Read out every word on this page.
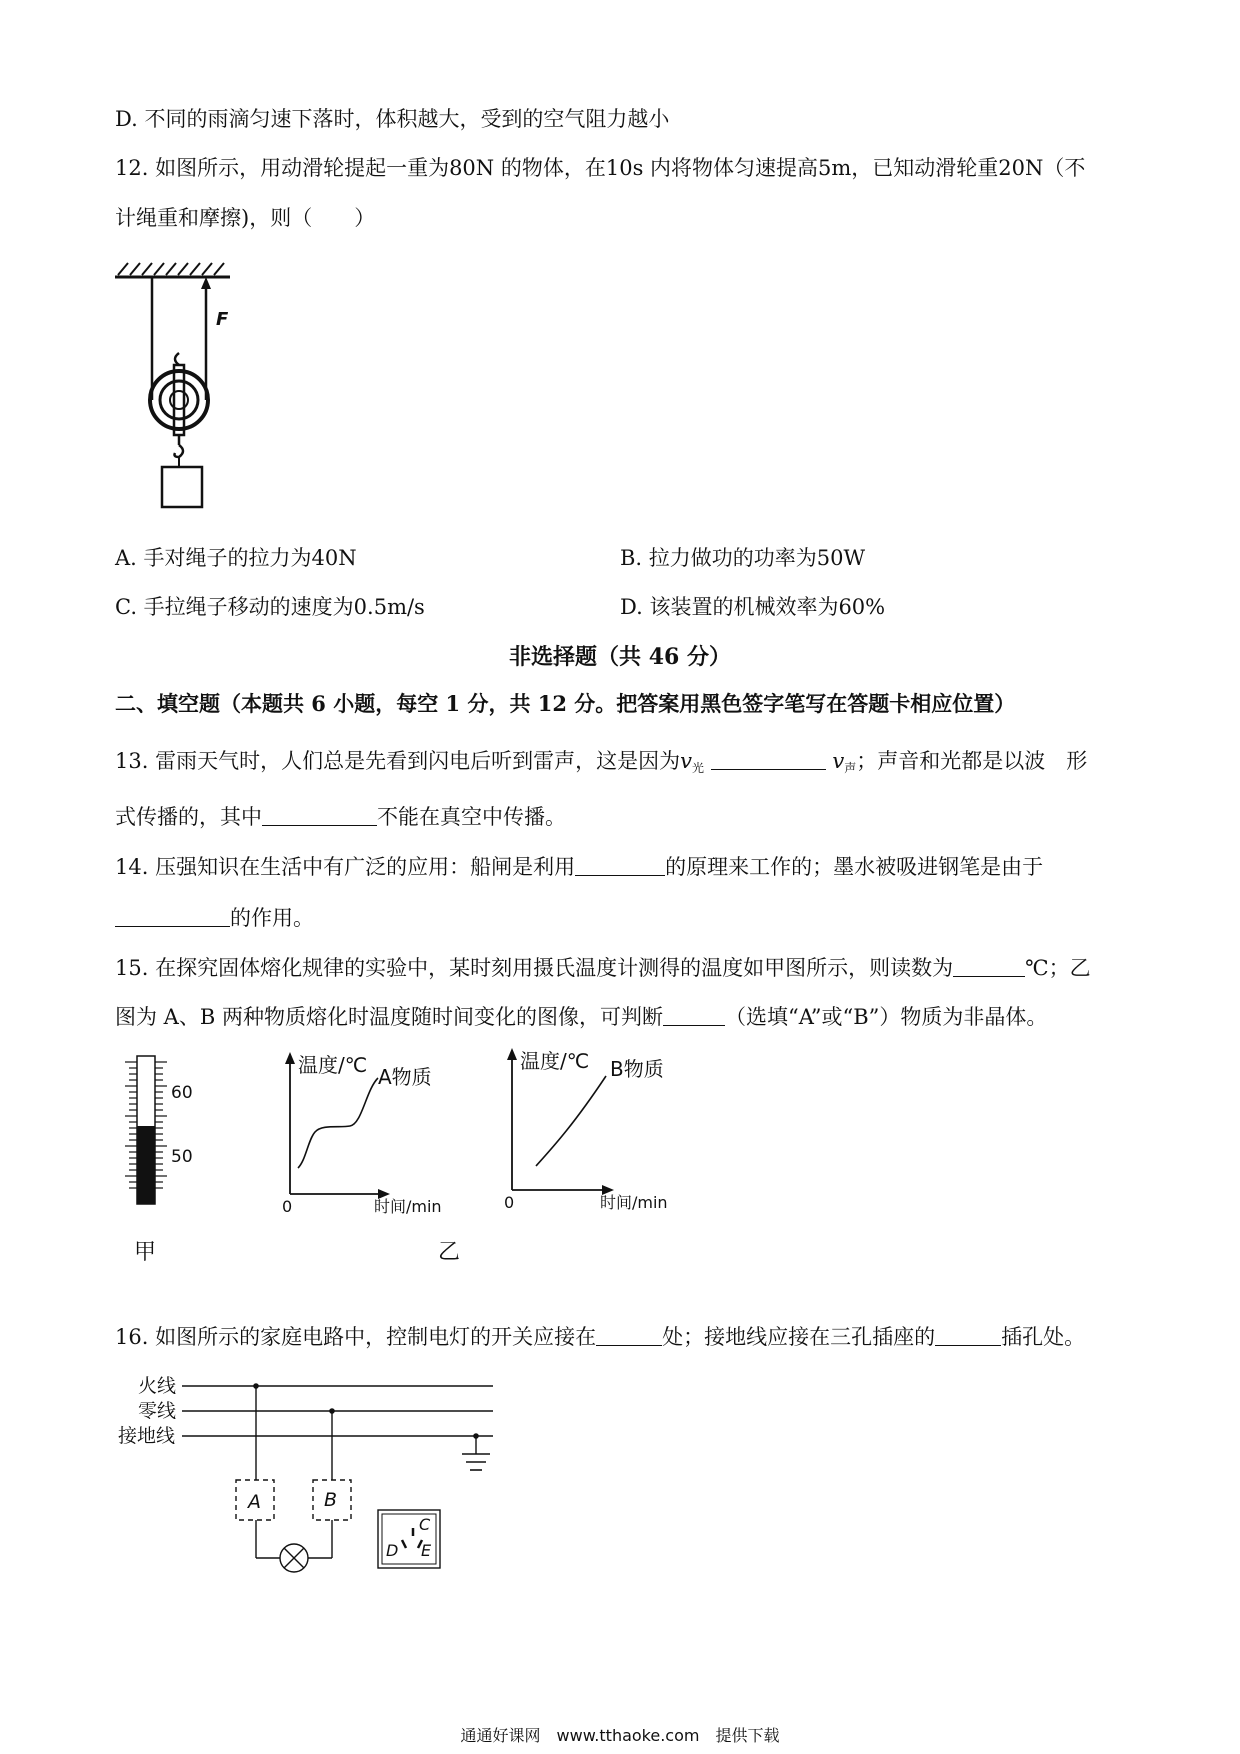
D. 不同的雨滴匀速下落时，体积越大，受到的空气阻力越小
12. 如图所示，用动滑轮提起一重为80N 的物体，在10s 内将物体匀速提高5m，已知动滑轮重20N（不
计绳重和摩擦)，则（　　）
F
A. 手对绳子的拉力为40N	B. 拉力做功的功率为50W
C. 手拉绳子移动的速度为0.5m/s	D. 该装置的机械效率为60%
非选择题（共 46 分）
二、填空题（本题共 6 小题，每空 1 分，共 12 分。把答案用黑色签字笔写在答题卡相应位置）
13. 雷雨天气时，人们总是先看到闪电后听到雷声，这是因为$v_光$	$v_声$；声音和光都是以波　形
式传播的，其中	不能在真空中传播。
14. 压强知识在生活中有广泛的应用：船闸是利用	的原理来工作的；墨水被吸进钢笔是由于
的作用。
15. 在探究固体熔化规律的实验中，某时刻用摄氏温度计测得的温度如甲图所示，则读数为	℃；乙
图为 A、B 两种物质熔化时温度随时间变化的图像，可判断	（选填“A”或“B”）物质为非晶体。
60
50
甲
温度/℃ A物质
0	时间/min
温度/℃ B物质
0	时间/min
乙
16. 如图所示的家庭电路中，控制电灯的开关应接在	处；接地线应接在三孔插座的	插孔处。
火线
零线
接地线
A	B
C
D E
通通好课网　www.tthaoke.com　提供下载
